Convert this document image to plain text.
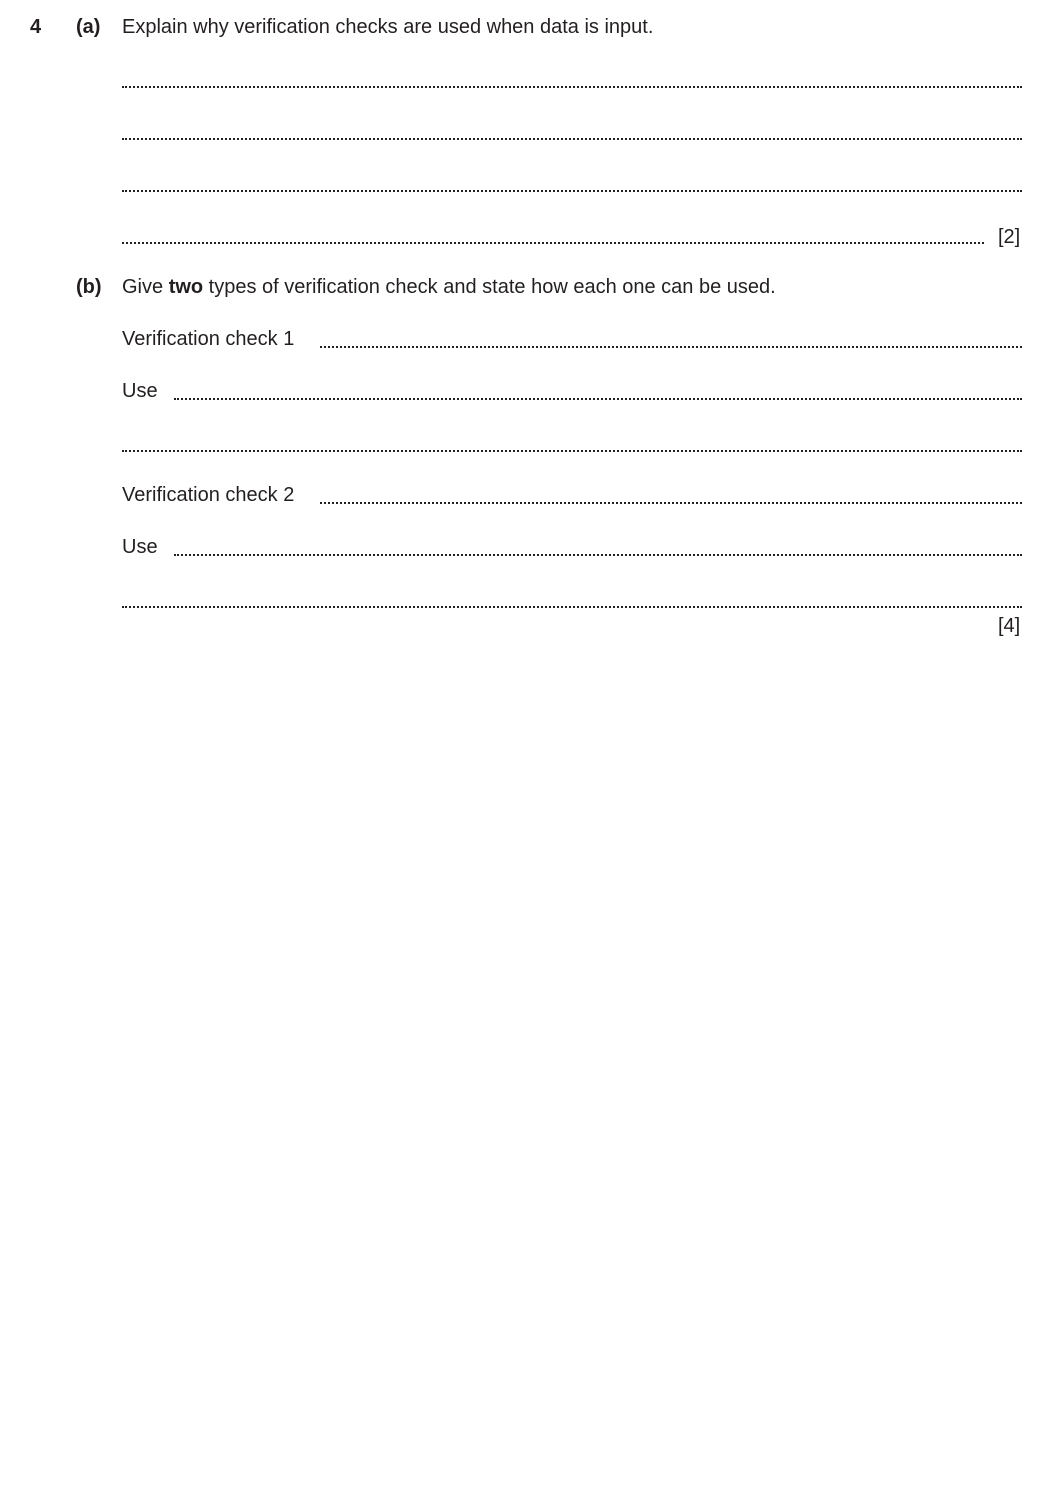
4 (a) Explain why verification checks are used when data is input.
[2]
(b) Give two types of verification check and state how each one can be used.
Verification check 1
Use
Verification check 2
Use
[4]
